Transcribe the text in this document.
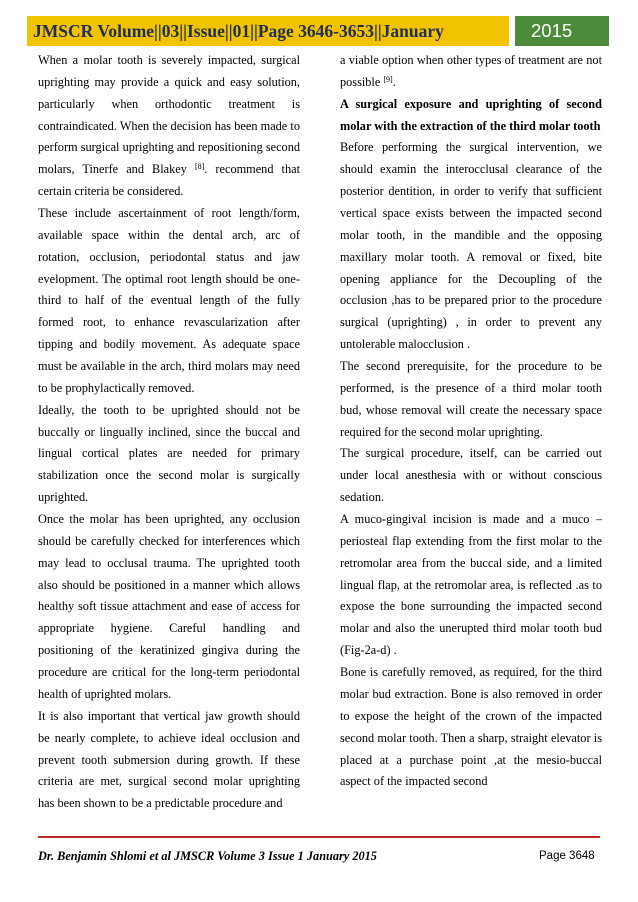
JMSCR Volume||03||Issue||01||Page 3646-3653||January	2015

When a molar tooth is severely impacted, surgical uprighting may provide a quick and easy solution, particularly when orthodontic treatment is contraindicated. When the decision has been made to perform surgical uprighting and repositioning second molars, Tinerfe and Blakey [8]. recommend that certain criteria be considered.

These include ascertainment of root length/form, available space within the dental arch, arc of rotation, occlusion, periodontal status and jaw evelopment. The optimal root length should be one-third to half of the eventual length of the fully formed root, to enhance revascularization after tipping and bodily movement. As adequate space must be available in the arch, third molars may need to be prophylactically removed.

Ideally, the tooth to be uprighted should not be buccally or lingually inclined, since the buccal and lingual cortical plates are needed for primary stabilization once the second molar is surgically uprighted.

Once the molar has been uprighted, any occlusion should be carefully checked for interferences which may lead to occlusal trauma. The uprighted tooth also should be positioned in a manner which allows healthy soft tissue attachment and ease of access for appropriate hygiene. Careful handling and positioning of the keratinized gingiva during the procedure are critical for the long-term periodontal health of uprighted molars.

It is also important that vertical jaw growth should be nearly complete, to achieve ideal occlusion and prevent tooth submersion during growth. If these criteria are met, surgical second molar uprighting has been shown to be a predictable procedure and

a viable option when other types of treatment are not possible [9].

A surgical exposure and uprighting of second molar with the extraction of the third molar tooth

Before performing the surgical intervention, we should examin the interocclusal clearance of the posterior dentition, in order to verify that sufficient vertical space exists between the impacted second molar tooth, in the mandible and the opposing maxillary molar tooth. A removal or fixed, bite opening appliance for the Decoupling of the occlusion ,has to be prepared prior to the procedure surgical (uprighting) , in order to prevent any untolerable malocclusion .

The second prerequisite, for the procedure to be performed, is the presence of a third molar tooth bud, whose removal will create the necessary space required for the second molar uprighting.

The surgical procedure, itself, can be carried out under local anesthesia with or without conscious sedation.

A muco-gingival incision is made and a muco – periosteal flap extending from the first molar to the retromolar area from the buccal side, and a limited lingual flap, at the retromolar area, is reflected .as to expose the bone surrounding the impacted second molar and also the unerupted third molar tooth bud (Fig-2a-d) .

Bone is carefully removed, as required, for the third molar bud extraction. Bone is also removed in order to expose the height of the crown of the impacted second molar tooth. Then a sharp, straight elevator is placed at a purchase point ,at the mesio-buccal aspect of the impacted second

Dr. Benjamin Shlomi et al JMSCR Volume 3 Issue 1 January 2015	Page 3648
